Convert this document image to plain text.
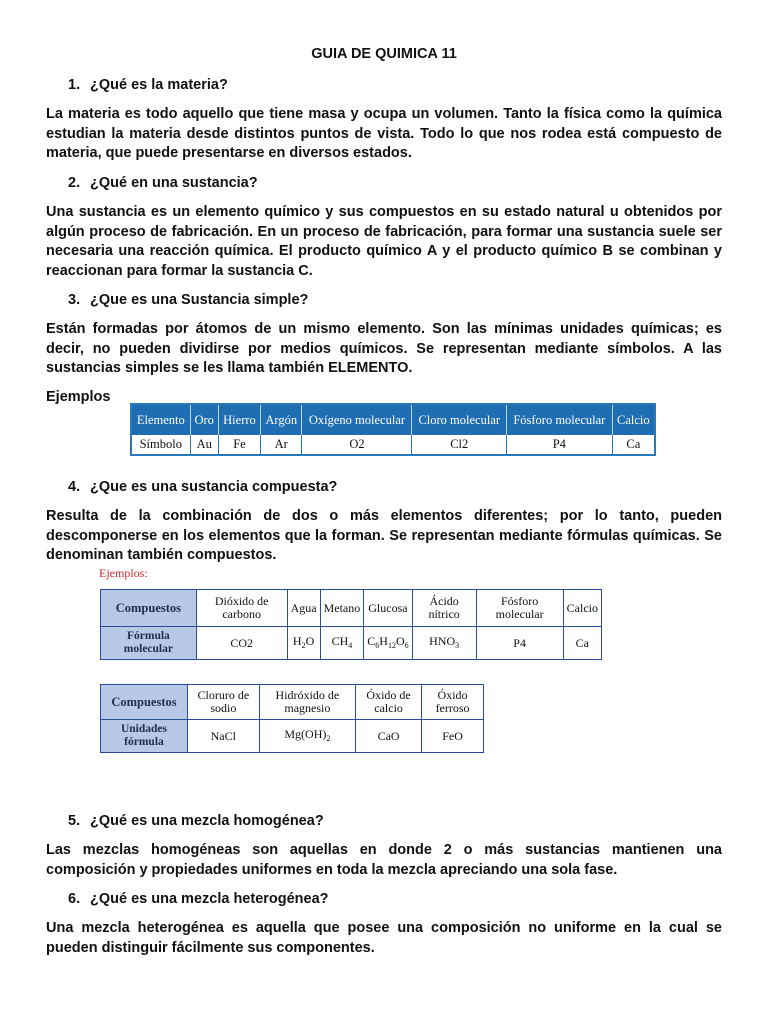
GUIA DE QUIMICA 11
1. ¿Qué es la materia?
La materia es todo aquello que tiene masa y ocupa un volumen. Tanto la física como la química estudian la materia desde distintos puntos de vista. Todo lo que nos rodea está compuesto de materia, que puede presentarse en diversos estados.
2. ¿Qué en una sustancia?
Una sustancia es un elemento químico y sus compuestos en su estado natural u obtenidos por algún proceso de fabricación. En un proceso de fabricación, para formar una sustancia suele ser necesaria una reacción química. El producto químico A y el producto químico B se combinan y reaccionan para formar la sustancia C.
3. ¿Que es una Sustancia simple?
Están formadas por átomos de un mismo elemento. Son las mínimas unidades químicas; es decir, no pueden dividirse por medios químicos. Se representan mediante símbolos. A las sustancias simples se les llama también ELEMENTO.
Ejemplos
Elemento	Oro	Hierro	Argón	Oxígeno molecular	Cloro molecular	Fósforo molecular	Calcio
Símbolo	Au	Fe	Ar	O2	Cl2	P4	Ca
4. ¿Que es una sustancia compuesta?
Resulta de la combinación de dos o más elementos diferentes; por lo tanto, pueden descomponerse en los elementos que la forman. Se representan mediante fórmulas químicas. Se denominan también compuestos.
Ejemplos:
Compuestos	Dióxido de carbono	Agua	Metano	Glucosa	Ácido nítrico	Fósforo molecular	Calcio
Fórmula molecular	CO2	$H_2O$	$CH_4$	$C_6H_{12}O_6$	$HNO_3$	P4	Ca
Compuestos	Cloruro de sodio	Hidróxido de magnesio	Óxido de calcio	Óxido ferroso
Unidades fórmula	NaCl	$Mg(OH)_2$	CaO	FeO
5. ¿Qué es una mezcla homogénea?
Las mezclas homogéneas son aquellas en donde 2 o más sustancias mantienen una composición y propiedades uniformes en toda la mezcla apreciando una sola fase.
6. ¿Qué es una mezcla heterogénea?
Una mezcla heterogénea es aquella que posee una composición no uniforme en la cual se pueden distinguir fácilmente sus componentes.
